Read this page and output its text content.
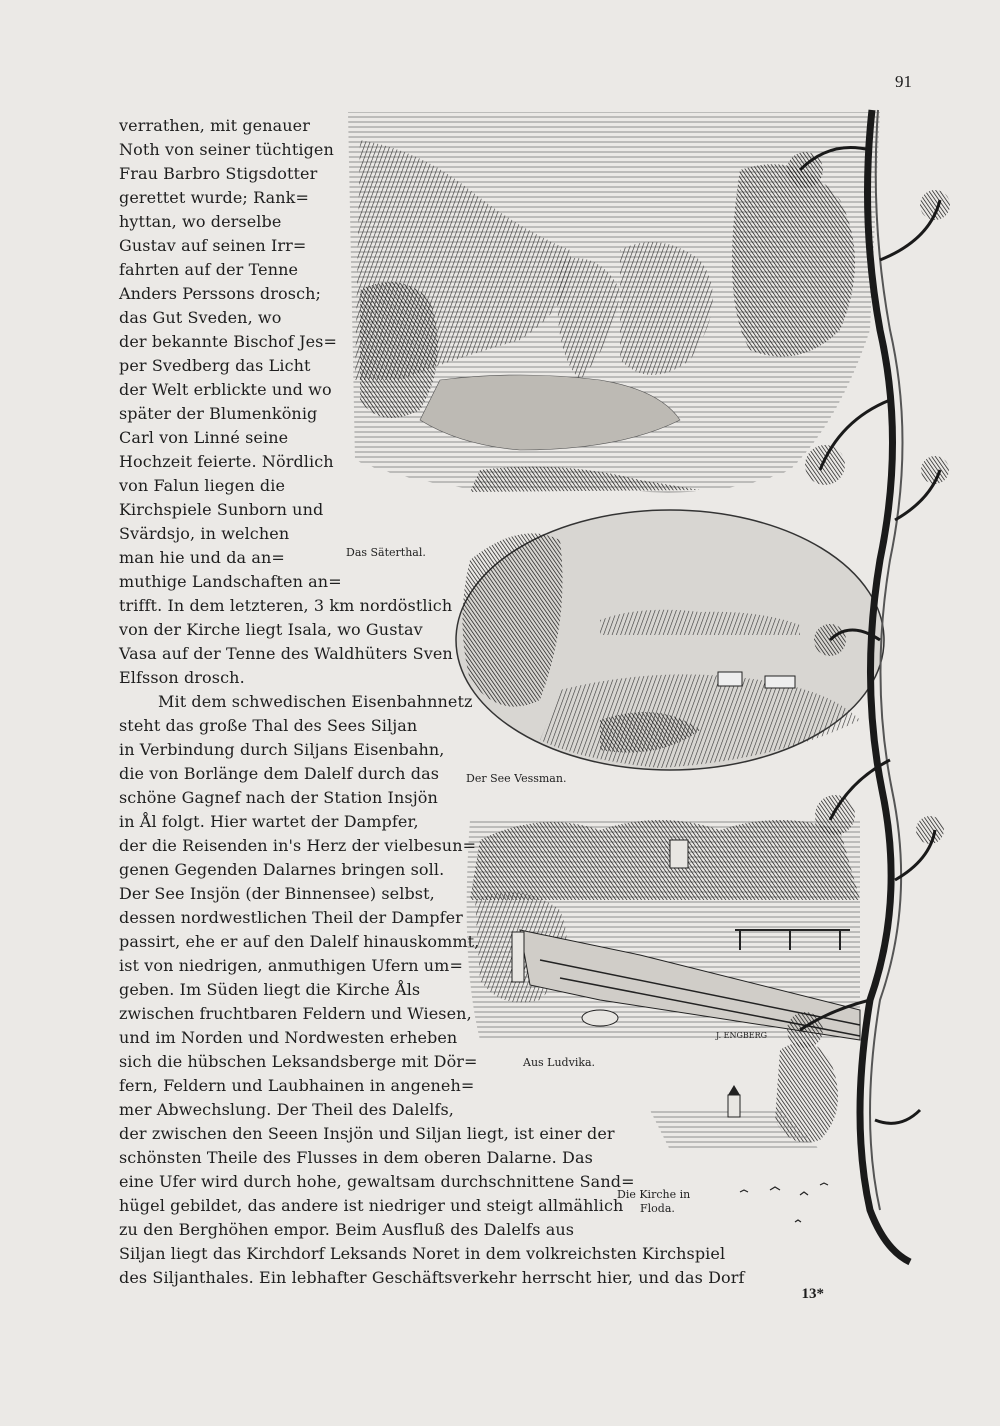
91
verrathen, mit genauer
Noth von seiner tüchtigen
Frau Barbro Stigsdotter
gerettet wurde; Rank=
hyttan, wo derselbe
Gustav auf seinen Irr=
fahrten auf der Tenne
Anders Perssons drosch;
das Gut Sveden, wo
der bekannte Bischof Jes=
per Svedberg das Licht
der Welt erblickte und wo
später der Blumenkönig
Carl von Linné seine
Hochzeit feierte. Nördlich
von Falun liegen die
Kirchspiele Sunborn und
Svärdsjo, in welchen
man hie und da an=
muthige Landschaften an=
trifft. In dem letzteren, 3 km nordöstlich
von der Kirche liegt Isala, wo Gustav
Vasa auf der Tenne des Waldhüters Sven
Elfsson drosch.
Mit dem schwedischen Eisenbahnnetz
steht das große Thal des Sees Siljan
in Verbindung durch Siljans Eisenbahn,
die von Borlänge dem Dalelf durch das
schöne Gagnef nach der Station Insjön
in Ål folgt. Hier wartet der Dampfer,
der die Reisenden in's Herz der vielbesun=
genen Gegenden Dalarnes bringen soll.
Der See Insjön (der Binnensee) selbst,
dessen nordwestlichen Theil der Dampfer
passirt, ehe er auf den Dalelf hinauskommt,
ist von niedrigen, anmuthigen Ufern um=
geben. Im Süden liegt die Kirche Åls
zwischen fruchtbaren Feldern und Wiesen,
und im Norden und Nordwesten erheben
sich die hübschen Leksandsberge mit Dör=
fern, Feldern und Laubhainen in angeneh=
mer Abwechslung. Der Theil des Dalelfs,
der zwischen den Seeen Insjön und Siljan liegt, ist einer der
schönsten Theile des Flusses in dem oberen Dalarne. Das
eine Ufer wird durch hohe, gewaltsam durchschnittene Sand=
hügel gebildet, das andere ist niedriger und steigt allmählich
zu den Berghöhen empor. Beim Ausfluß des Dalelfs aus
Siljan liegt das Kirchdorf Leksands Noret in dem volkreichsten Kirchspiel
des Siljanthales. Ein lebhafter Geschäftsverkehr herrscht hier, und das Dorf
Das Säterthal.
Der See Vessman.
Aus Ludvika.
Die Kirche in
Floda.
J. ENGBERG
13*
